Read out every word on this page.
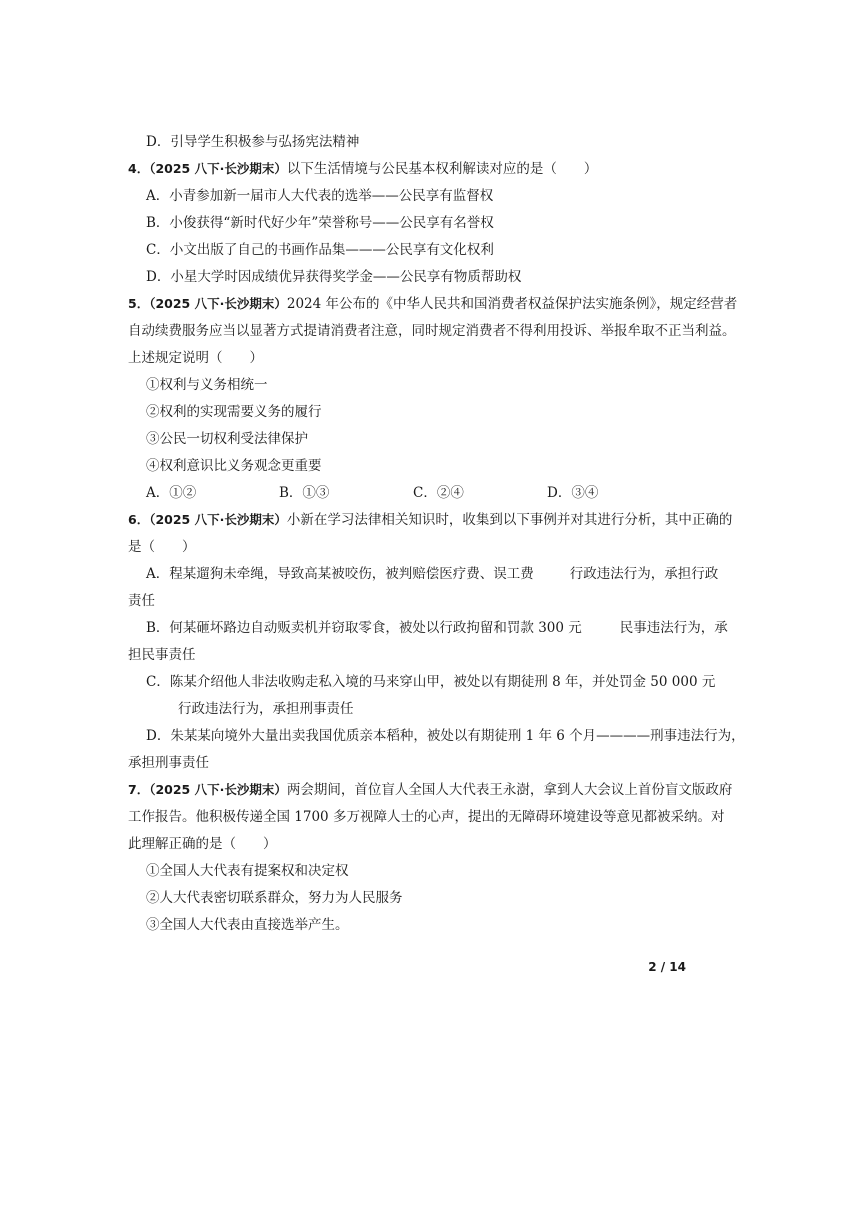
D．引导学生积极参与弘扬宪法精神
4．（2025 八下·长沙期末）以下生活情境与公民基本权利解读对应的是（　　）
A．小青参加新一届市人大代表的选举——公民享有监督权
B．小俊获得“新时代好少年”荣誉称号——公民享有名誉权
C．小文出版了自己的书画作品集———公民享有文化权利
D．小星大学时因成绩优异获得奖学金——公民享有物质帮助权
5．（2025 八下·长沙期末）2024 年公布的《中华人民共和国消费者权益保护法实施条例》，规定经营者
自动续费服务应当以显著方式提请消费者注意，同时规定消费者不得利用投诉、举报牟取不正当利益。
上述规定说明（　　）
①权利与义务相统一
②权利的实现需要义务的履行
③公民一切权利受法律保护
④权利意识比义务观念更重要
A．①②	B．①③	C．②④	D．③④
6．（2025 八下·长沙期末）小新在学习法律相关知识时，收集到以下事例并对其进行分析，其中正确的
是（　　）
A．程某遛狗未牵绳，导致高某被咬伤，被判赔偿医疗费、误工费	行政违法行为，承担行政
责任
B．何某砸坏路边自动贩卖机并窃取零食，被处以行政拘留和罚款 300 元	民事违法行为，承
担民事责任
C．陈某介绍他人非法收购走私入境的马来穿山甲，被处以有期徒刑 8 年，并处罚金 50 000 元
行政违法行为，承担刑事责任
D．朱某某向境外大量出卖我国优质亲本稻种，被处以有期徒刑 1 年 6 个月————刑事违法行为，
承担刑事责任
7．（2025 八下·长沙期末）两会期间，首位盲人全国人大代表王永澍，拿到人大会议上首份盲文版政府
工作报告。他积极传递全国 1700 多万视障人士的心声，提出的无障碍环境建设等意见都被采纳。对
此理解正确的是（　　）
①全国人大代表有提案权和决定权
②人大代表密切联系群众，努力为人民服务
③全国人大代表由直接选举产生。
2 / 14
